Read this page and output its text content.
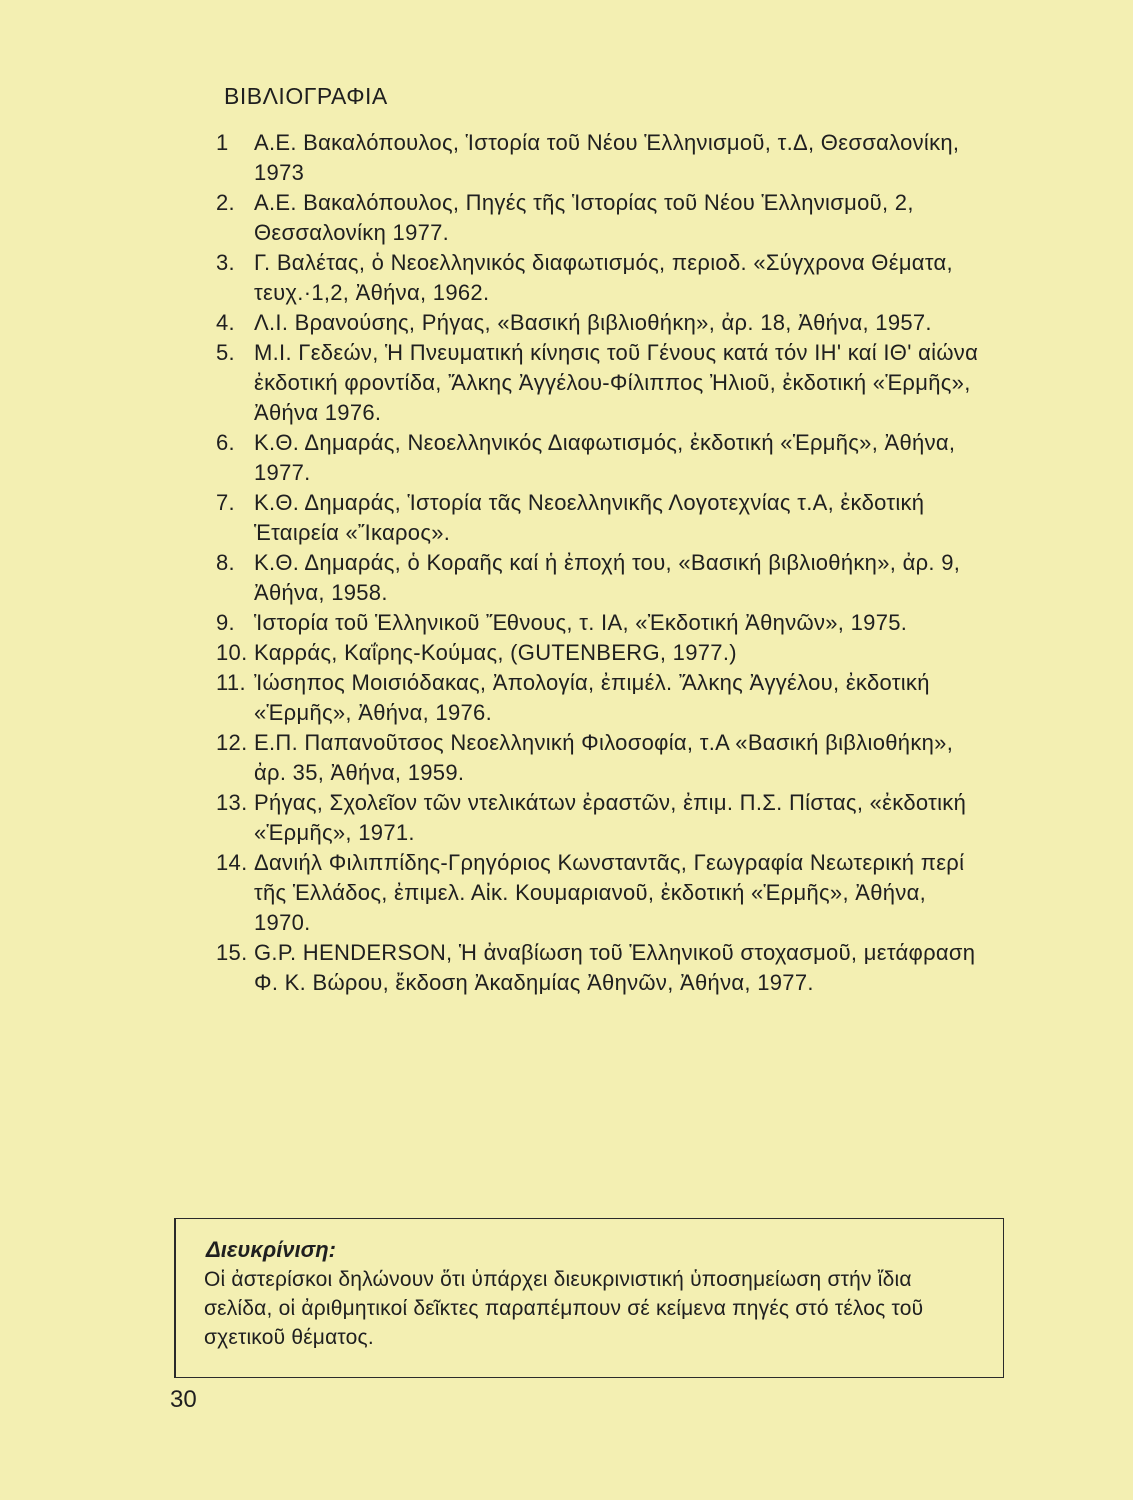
ΒΙΒΛΙΟΓΡΑΦΙΑ
1	Α.Ε. Βακαλόπουλος, Ἱστορία τοῦ Νέου Ἑλληνισμοῦ, τ.Δ, Θεσσαλονίκη, 1973
2. Α.Ε. Βακαλόπουλος, Πηγές τῆς Ἱστορίας τοῦ Νέου Ἑλληνισμοῦ, 2, Θεσσαλονίκη 1977.
3. Γ. Βαλέτας, ὁ Νεοελληνικός διαφωτισμός, περιοδ. «Σύγχρονα Θέματα, τευχ.·1,2, Ἀθήνα, 1962.
4. Λ.Ι. Βρανούσης, Ρήγας, «Βασική βιβλιοθήκη», ἀρ. 18, Ἀθήνα, 1957.
5. Μ.Ι. Γεδεών, Ἡ Πνευματική κίνησις τοῦ Γένους κατά τόν ΙΗ' καί ΙΘ' αἰώνα ἐκδοτική φροντίδα, Ἄλκης Ἀγγέλου-Φίλιππος Ἠλιοῦ, ἐκδοτική «Ἑρμῆς», Ἀθήνα 1976.
6. Κ.Θ. Δημαράς, Νεοελληνικός Διαφωτισμός, ἐκδοτική «Ἑρμῆς», Ἀθήνα, 1977.
7. Κ.Θ. Δημαράς, Ἱστορία τᾶς Νεοελληνικῆς Λογοτεχνίας τ.Α, ἐκδοτική Ἑταιρεία «Ἴκαρος».
8. Κ.Θ. Δημαράς, ὁ Κοραῆς καί ἡ ἐποχή του, «Βασική βιβλιοθήκη», ἀρ. 9, Ἀθήνα, 1958.
9. Ἱστορία τοῦ Ἑλληνικοῦ Ἔθνους, τ. ΙΑ, «Ἐκδοτική Ἀθηνῶν», 1975.
10. Καρράς, Καΐρης-Κούμας, (GUTENBERG, 1977.)
11. Ἰώσηπος Μοισιόδακας, Ἀπολογία, ἐπιμέλ. Ἄλκης Ἀγγέλου, ἐκδοτική «Ἑρμῆς», Ἀθήνα, 1976.
12. Ε.Π. Παπανοῦτσος Νεοελληνική Φιλοσοφία, τ.Α «Βασική βιβλιοθήκη», ἀρ. 35, Ἀθήνα, 1959.
13. Ρήγας, Σχολεῖον τῶν ντελικάτων ἐραστῶν, ἐπιμ. Π.Σ. Πίστας, «ἐκδοτική «Ἑρμῆς», 1971.
14. Δανιήλ Φιλιππίδης-Γρηγόριος Κωνσταντᾶς, Γεωγραφία Νεωτερική περί τῆς Ἑλλάδος, ἐπιμελ. Αἰκ. Κουμαριανοῦ, ἐκδοτική «Ἑρμῆς», Ἀθήνα, 1970.
15. G.P. HENDERSON, Ἡ ἀναβίωση τοῦ Ἑλληνικοῦ στοχασμοῦ, μετάφραση Φ. Κ. Βώρου, ἔκδοση Ἀκαδημίας Ἀθηνῶν, Ἀθήνα, 1977.
Διευκρίνιση:
Οἱ ἀστερίσκοι δηλώνουν ὅτι ὑπάρχει διευκρινιστική ὑποσημείωση στήν ἴδια σελίδα, οἱ ἀριθμητικοί δεῖκτες παραπέμπουν σέ κείμενα πηγές στό τέλος τοῦ σχετικοῦ θέματος.
30
